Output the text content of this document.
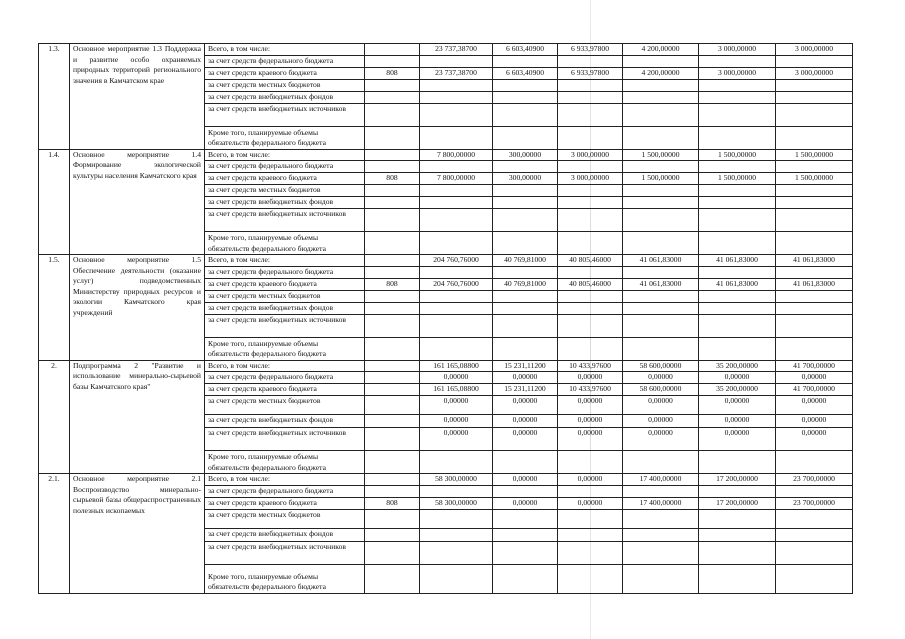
1.3.	Основное мероприятие 1.3 Поддержка и развитие особо охраняемых природных территорий регионального значения в Камчатском крае	Всего, в том числе:		23 737,38700	6 603,40900	6 933,97800	4 200,00000	3 000,00000	3 000,00000
		за счет средств федерального бюджета							
		за счет средств краевого бюджета	808	23 737,38700	6 603,40900	6 933,97800	4 200,00000	3 000,00000	3 000,00000
		за счет средств местных бюджетов							
		за счет средств внебюджетных фондов							
		за счет средств внебюджетных источников							
		Кроме того, планируемые объемы обязательств федерального бюджета							
1.4.	Основное мероприятие 1.4 Формирование экологической культуры населения Камчатского края	Всего, в том числе:		7 800,00000	300,00000	3 000,00000	1 500,00000	1 500,00000	1 500,00000
		за счет средств федерального бюджета							
		за счет средств краевого бюджета	808	7 800,00000	300,00000	3 000,00000	1 500,00000	1 500,00000	1 500,00000
		за счет средств местных бюджетов							
		за счет средств внебюджетных фондов							
		за счет средств внебюджетных источников							
		Кроме того, планируемые объемы обязательств федерального бюджета							
1.5.	Основное мероприятие 1.5 Обеспечение деятельности (оказание услуг) подведомственных Министерству природных ресурсов и экологии Камчатского края учреждений	Всего, в том числе:		204 760,76000	40 769,81000	40 805,46000	41 061,83000	41 061,83000	41 061,83000
		за счет средств федерального бюджета							
		за счет средств краевого бюджета	808	204 760,76000	40 769,81000	40 805,46000	41 061,83000	41 061,83000	41 061,83000
		за счет средств местных бюджетов							
		за счет средств внебюджетных фондов							
		за счет средств внебюджетных источников							
		Кроме того, планируемые объемы обязательств федерального бюджета							
2.	Подпрограмма 2 "Развитие и использование минерально-сырьевой базы Камчатского края"	Всего, в том числе:		161 165,08800	15 231,11200	10 433,97600	58 600,00000	35 200,00000	41 700,00000
		за счет средств федерального бюджета		0,00000	0,00000	0,00000	0,00000	0,00000	0,00000
		за счет средств краевого бюджета		161 165,08800	15 231,11200	10 433,97600	58 600,00000	35 200,00000	41 700,00000
		за счет средств местных бюджетов		0,00000	0,00000	0,00000	0,00000	0,00000	0,00000
		за счет средств внебюджетных фондов		0,00000	0,00000	0,00000	0,00000	0,00000	0,00000
		за счет средств внебюджетных источников		0,00000	0,00000	0,00000	0,00000	0,00000	0,00000
		Кроме того, планируемые объемы обязательств федерального бюджета							
2.1.	Основное мероприятие 2.1 Воспроизводство минерально-сырьевой базы общераспространенных полезных ископаемых	Всего, в том числе:		58 300,00000	0,00000	0,00000	17 400,00000	17 200,00000	23 700,00000
		за счет средств федерального бюджета							
		за счет средств краевого бюджета	808	58 300,00000	0,00000	0,00000	17 400,00000	17 200,00000	23 700,00000
		за счет средств местных бюджетов							
		за счет средств внебюджетных фондов							
		за счет средств внебюджетных источников							
		Кроме того, планируемые объемы обязательств федерального бюджета							
